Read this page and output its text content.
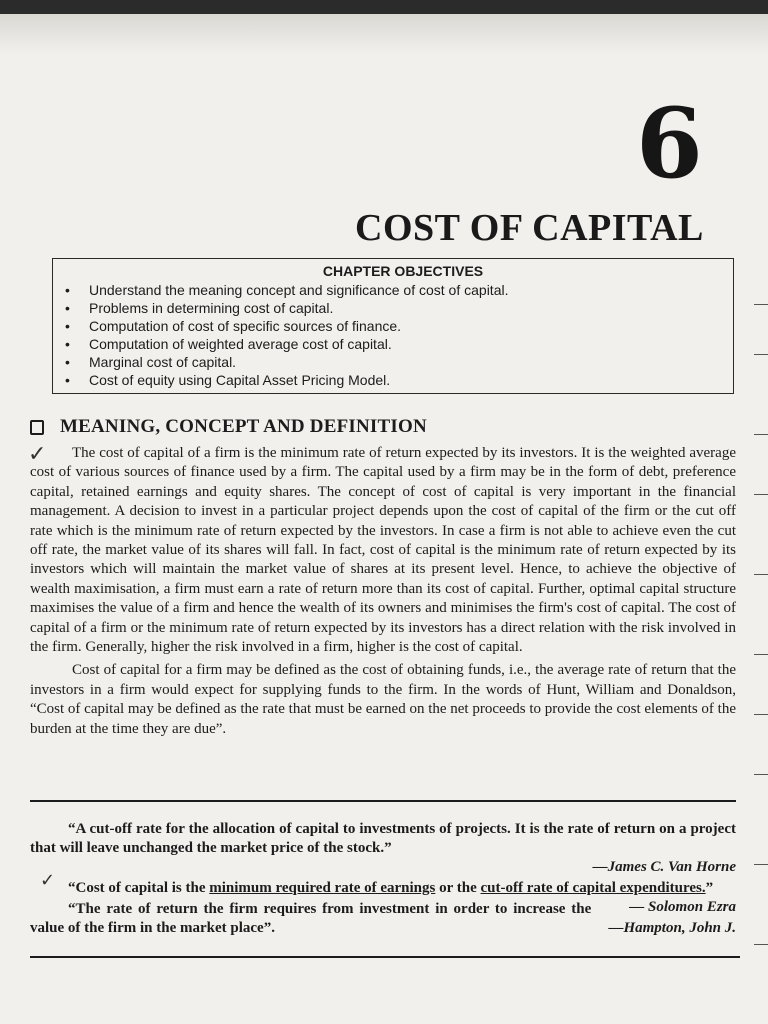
6
COST OF CAPITAL
CHAPTER OBJECTIVES
• Understand the meaning concept and significance of cost of capital.
• Problems in determining cost of capital.
• Computation of cost of specific sources of finance.
• Computation of weighted average cost of capital.
• Marginal cost of capital.
• Cost of equity using Capital Asset Pricing Model.
MEANING, CONCEPT AND DEFINITION
✓	The cost of capital of a firm is the minimum rate of return expected by its investors. It is the weighted average cost of various sources of finance used by a firm. The capital used by a firm may be in the form of debt, preference capital, retained earnings and equity shares. The concept of cost of capital is very important in the financial management. A decision to invest in a particular project depends upon the cost of capital of the firm or the cut off rate which is the minimum rate of return expected by the investors. In case a firm is not able to achieve even the cut off rate, the market value of its shares will fall. In fact, cost of capital is the minimum rate of return expected by its investors which will maintain the market value of shares at its present level. Hence, to achieve the objective of wealth maximisation, a firm must earn a rate of return more than its cost of capital. Further, optimal capital structure maximises the value of a firm and hence the wealth of its owners and minimises the firm's cost of capital. The cost of capital of a firm or the minimum rate of return expected by its investors has a direct relation with the risk involved in the firm. Generally, higher the risk involved in a firm, higher is the cost of capital.

Cost of capital for a firm may be defined as the cost of obtaining funds, i.e., the average rate of return that the investors in a firm would expect for supplying funds to the firm. In the words of Hunt, William and Donaldson, “Cost of capital may be defined as the rate that must be earned on the net proceeds to provide the cost elements of the burden at the time they are due”.

“A cut-off rate for the allocation of capital to investments of projects. It is the rate of return on a project that will leave unchanged the market price of the stock.”

—James C. Van Horne

“Cost of capital is the minimum required rate of earnings or the cut-off rate of capital expenditures.”
— Solomon Ezra

“The rate of return the firm requires from investment in order to increase the value of the firm in the market place”.	—Hampton, John J.

✓
